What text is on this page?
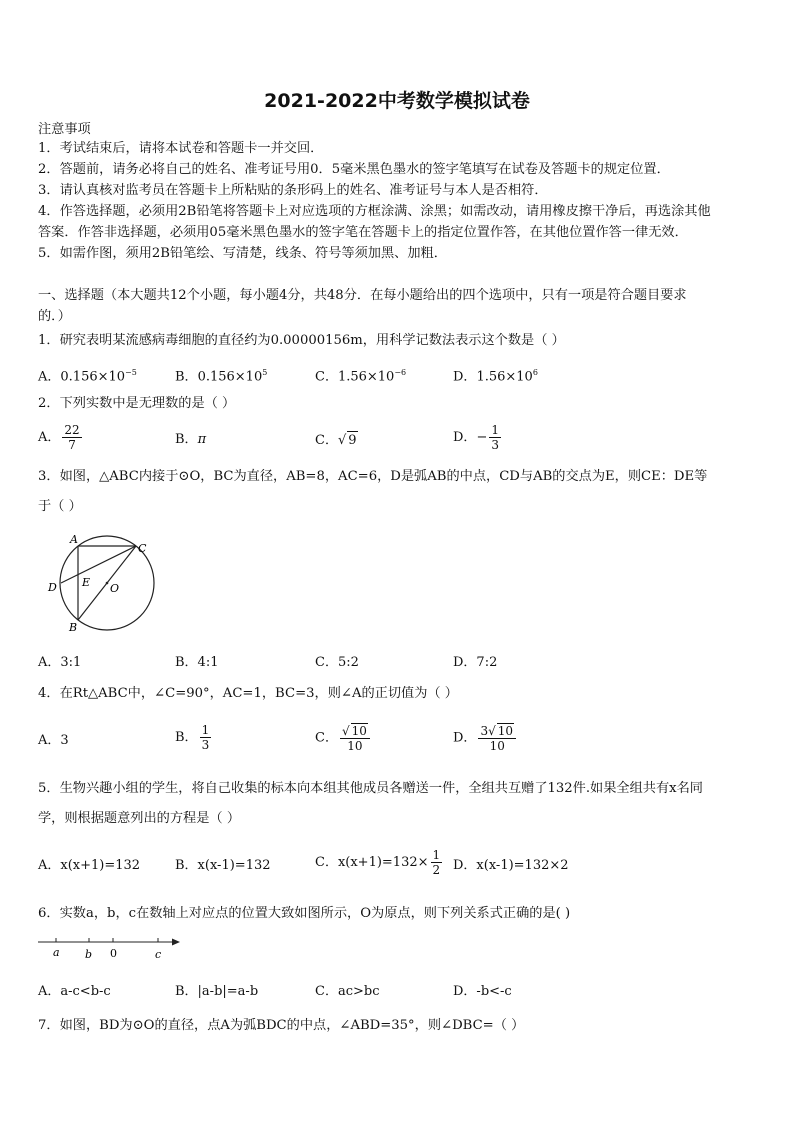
2021-2022中考数学模拟试卷
注意事项
1．考试结束后，请将本试卷和答题卡一并交回．
2．答题前，请务必将自己的姓名、准考证号用0．5毫米黑色墨水的签字笔填写在试卷及答题卡的规定位置．
3．请认真核对监考员在答题卡上所粘贴的条形码上的姓名、准考证号与本人是否相符．
4．作答选择题，必须用2B铅笔将答题卡上对应选项的方框涂满、涂黑；如需改动，请用橡皮擦干净后，再选涂其他
答案．作答非选择题，必须用05毫米黑色墨水的签字笔在答题卡上的指定位置作答，在其他位置作答一律无效．
5．如需作图，须用2B铅笔绘、写清楚，线条、符号等须加黑、加粗．
一、选择题（本大题共12个小题，每小题4分，共48分．在每小题给出的四个选项中，只有一项是符合题目要求
的．）
1．研究表明某流感病毒细胞的直径约为0.00000156m，用科学记数法表示这个数是（ ）
A．$0.156\times 10^{-5}$	B．$0.156\times 10^5$	C．$1.56\times 10^{-6}$	D．$1.56\times 10^6$
2．下列实数中是无理数的是（ ）
A． $\frac{22}{7}$	B．π	C．√ 9	D．− $\frac{1}{3}$
3．如图，△ABC内接于⊙O，BC为直径，AB=8，AC=6，D是弧AB的中点，CD与AB的交点为E，则CE：DE等
于（ ）
A
C
D E O
B
A．3:1	B．4:1	C．5:2	D．7:2
4．在Rt△ABC中，∠C=90°，AC=1，BC=3，则∠A的正切值为（ ）
A．3	B． $\frac{1}{3}$	C． $\frac{√ 10}{10}$	D． $\frac{3√ 10}{10}$
5．生物兴趣小组的学生，将自己收集的标本向本组其他成员各赠送一件，全组共互赠了132件.如果全组共有x名同
学，则根据题意列出的方程是（ ）
A．x(x+1)=132	B．x(x-1)=132	C．$x(x+1)=132\times \frac{1}{2}$ D．x(x-1)=132×2
6．实数a，b，c在数轴上对应点的位置大致如图所示，O为原点，则下列关系式正确的是( )
a b 0	c
A．a-c<b-c	B．|a-b|=a-b	C．ac>bc	D．-b<-c
7．如图，BD为⊙O的直径，点A为弧BDC的中点，∠ABD=35°，则∠DBC=（ ）
